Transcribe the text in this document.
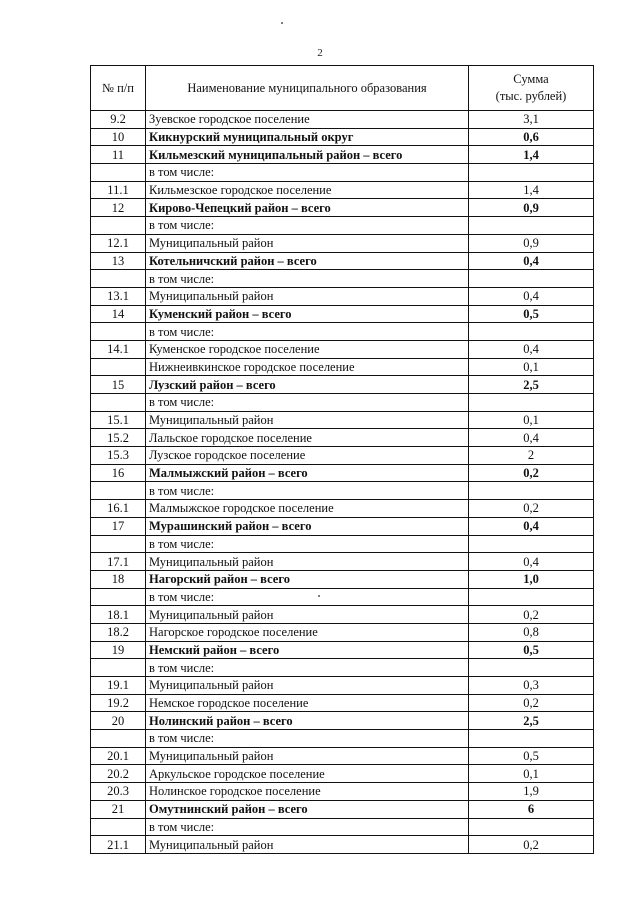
2
№ п/п	Наименование муниципального образования	Сумма
(тыс. рублей)

9.2	Зуевское городское поселение	3,1
10	Кикнурский муниципальный округ	0,6
11	Кильмезский муниципальный район – всего	1,4
	в том числе:	
11.1	Кильмезское городское поселение	1,4
12	Кирово-Чепецкий район – всего	0,9
	в том числе:	
12.1	Муниципальный район	0,9
13	Котельничский район – всего	0,4
	в том числе:	
13.1	Муниципальный район	0,4
14	Куменский район – всего	0,5
	в том числе:	
14.1	Куменское городское поселение	0,4
	Нижнеивкинское городское поселение	0,1
15	Лузский район – всего	2,5
	в том числе:	
15.1	Муниципальный район	0,1
15.2	Лальское городское поселение	0,4
15.3	Лузское городское поселение	2
16	Малмыжский район – всего	0,2
	в том числе:	
16.1	Малмыжское городское поселение	0,2
17	Мурашинский район – всего	0,4
	в том числе:	
17.1	Муниципальный район	0,4
18	Нагорский район – всего	1,0
	в том числе:	
18.1	Муниципальный район	0,2
18.2	Нагорское городское поселение	0,8
19	Немский район – всего	0,5
	в том числе:	
19.1	Муниципальный район	0,3
19.2	Немское городское поселение	0,2
20	Нолинский район – всего	2,5
	в том числе:	
20.1	Муниципальный район	0,5
20.2	Аркульское городское поселение	0,1
20.3	Нолинское городское поселение	1,9
21	Омутнинский район – всего	6
	в том числе:	
21.1	Муниципальный район	0,2
